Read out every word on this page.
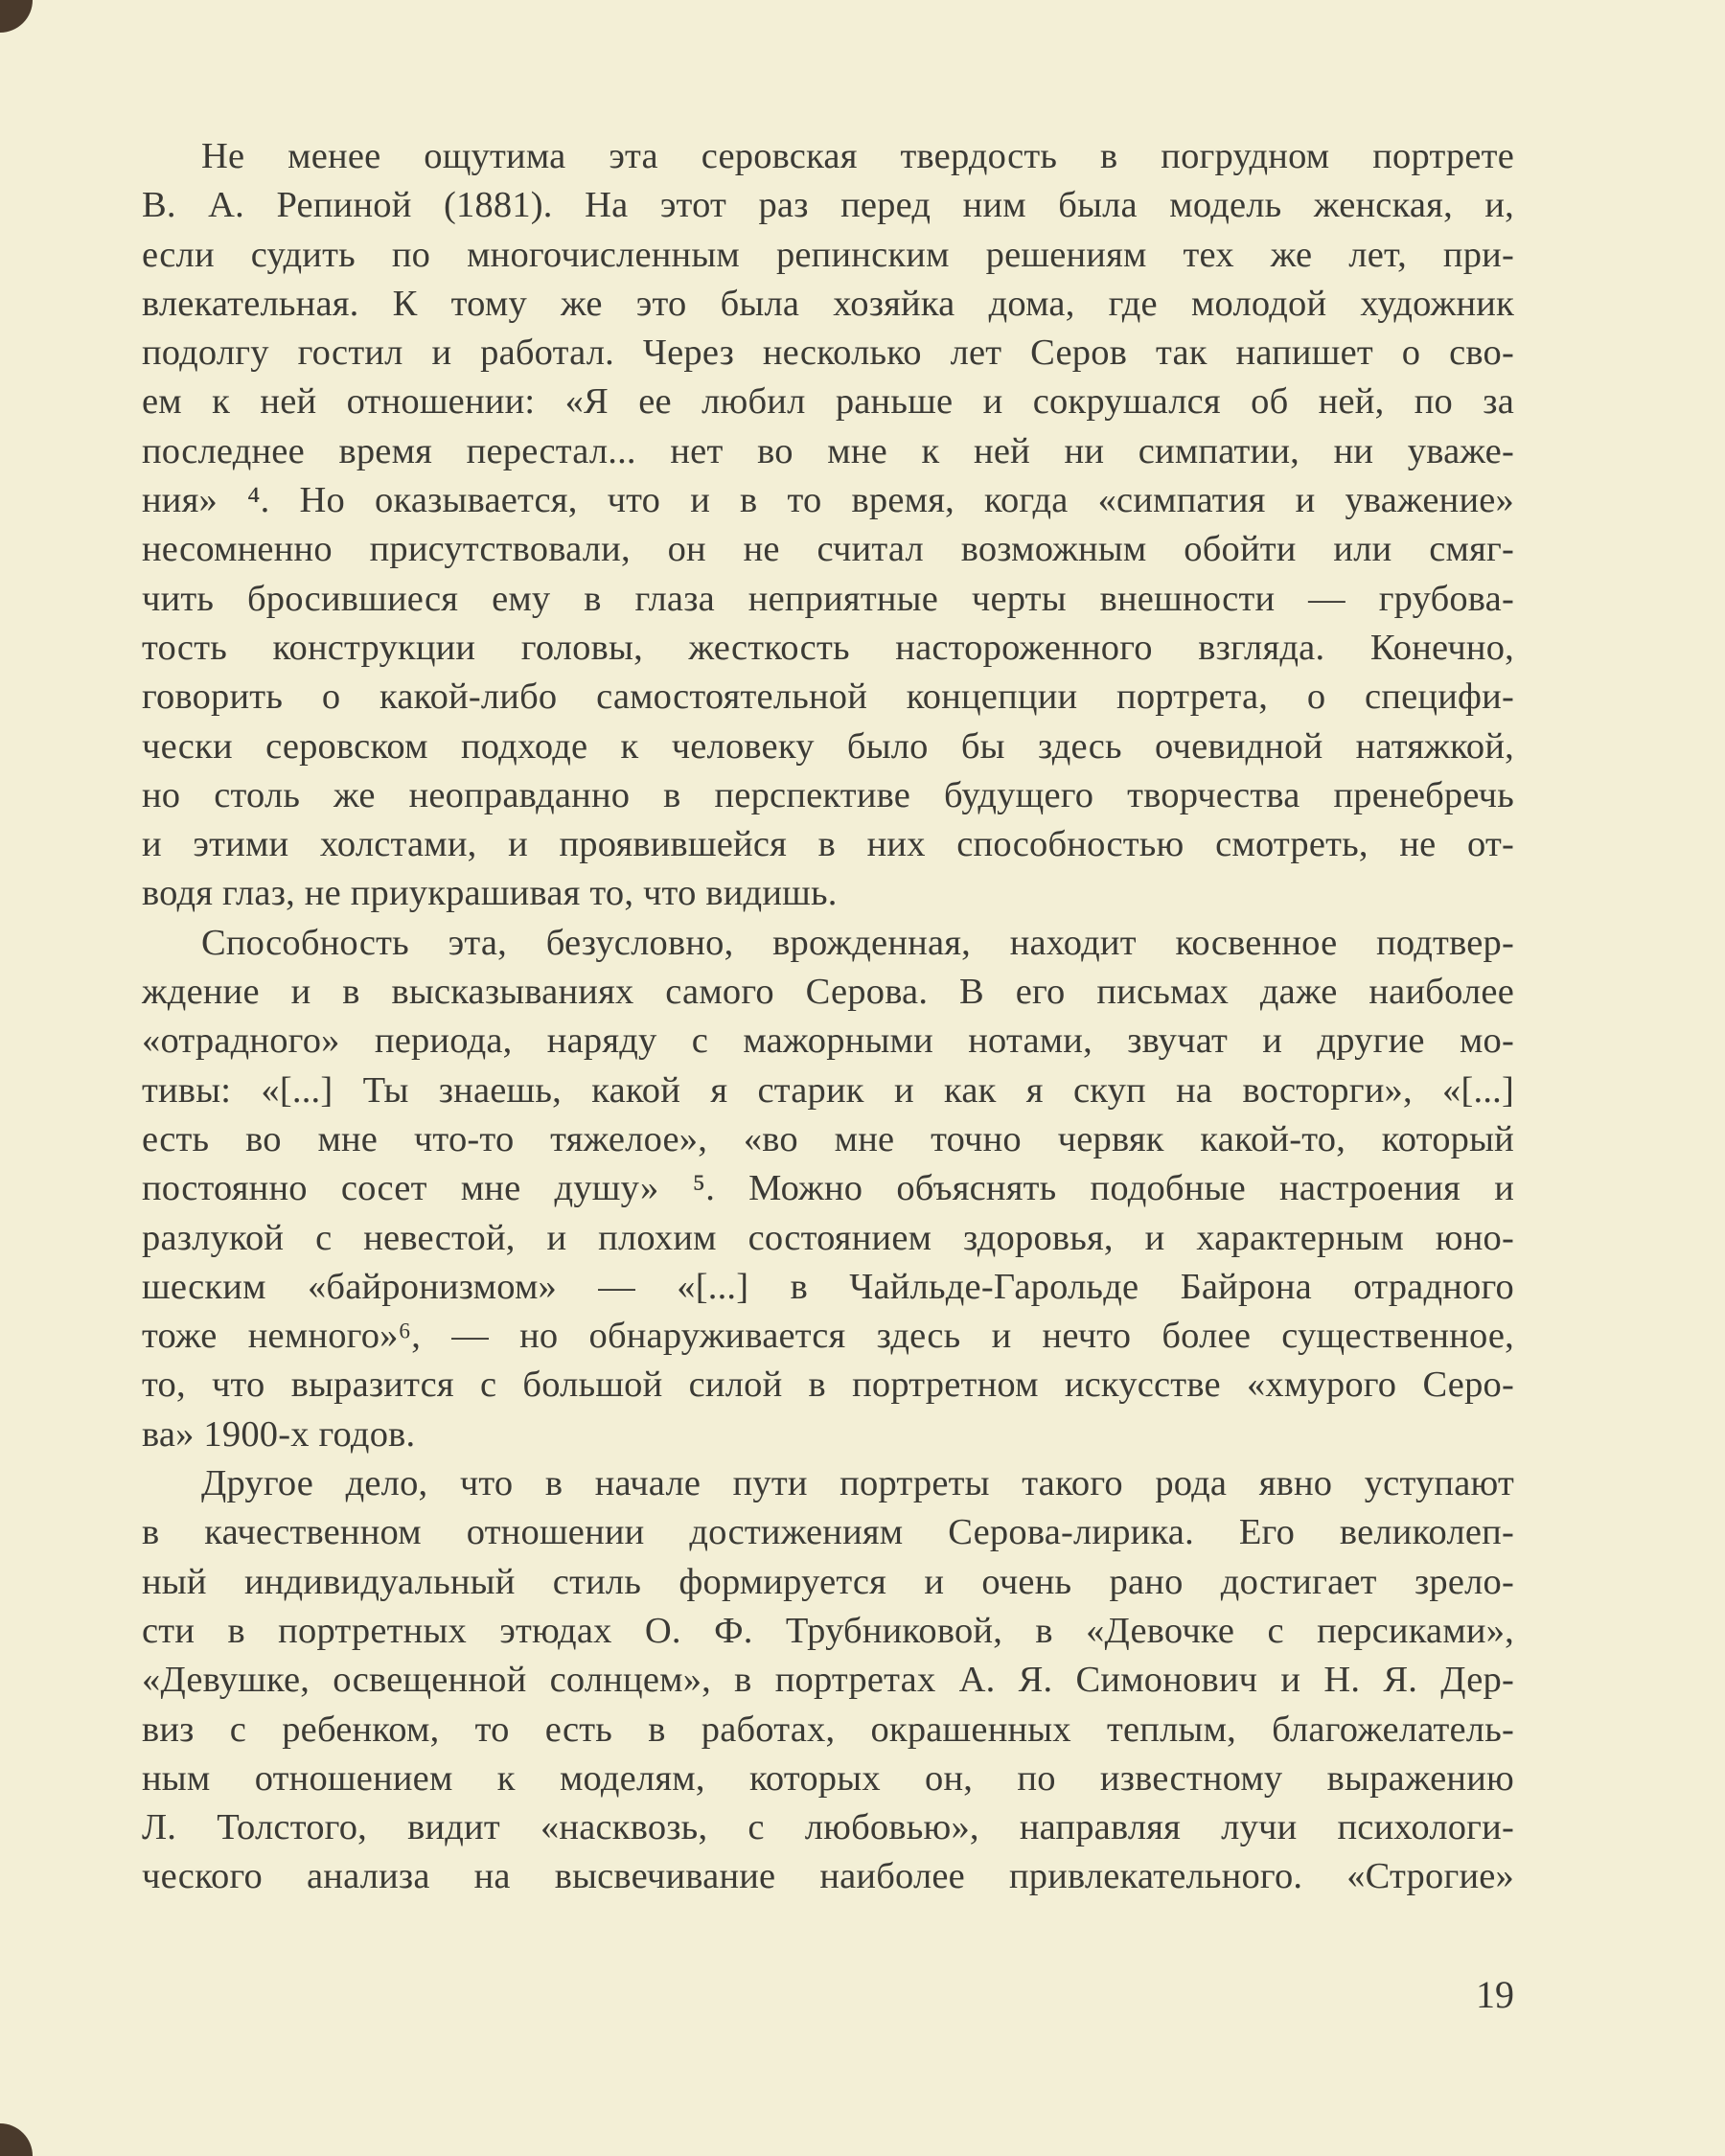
Не менее ощутима эта серовская твердость в погрудном портрете
В. А. Репиной (1881). На этот раз перед ним была модель женская, и,
если судить по многочисленным репинским решениям тех же лет, при-
влекательная. К тому же это была хозяйка дома, где молодой художник
подолгу гостил и работал. Через несколько лет Серов так напишет о сво-
ем к ней отношении: «Я ее любил раньше и сокрушался об ней, по за
последнее время перестал... нет во мне к ней ни симпатии, ни уваже-
ния» ⁴. Но оказывается, что и в то время, когда «симпатия и уважение»
несомненно присутствовали, он не считал возможным обойти или смяг-
чить бросившиеся ему в глаза неприятные черты внешности — грубова-
тость конструкции головы, жесткость настороженного взгляда. Конечно,
говорить о какой-либо самостоятельной концепции портрета, о специфи-
чески серовском подходе к человеку было бы здесь очевидной натяжкой,
но столь же неоправданно в перспективе будущего творчества пренебречь
и этими холстами, и проявившейся в них способностью смотреть, не от-
водя глаз, не приукрашивая то, что видишь.

Способность эта, безусловно, врожденная, находит косвенное подтвер-
ждение и в высказываниях самого Серова. В его письмах даже наиболее
«отрадного» периода, наряду с мажорными нотами, звучат и другие мо-
тивы: «[...] Ты знаешь, какой я старик и как я скуп на восторги», «[...]
есть во мне что-то тяжелое», «во мне точно червяк какой-то, который
постоянно сосет мне душу» ⁵. Можно объяснять подобные настроения и
разлукой с невестой, и плохим состоянием здоровья, и характерным юно-
шеским «байронизмом» — «[...] в Чайльде-Гарольде Байрона отрадного
тоже немного»⁶, — но обнаруживается здесь и нечто более существенное,
то, что выразится с большой силой в портретном искусстве «хмурого Серо-
ва» 1900-х годов.

Другое дело, что в начале пути портреты такого рода явно уступают
в качественном отношении достижениям Серова-лирика. Его великолеп-
ный индивидуальный стиль формируется и очень рано достигает зрело-
сти в портретных этюдах О. Ф. Трубниковой, в «Девочке с персиками»,
«Девушке, освещенной солнцем», в портретах А. Я. Симонович и Н. Я. Дер-
виз с ребенком, то есть в работах, окрашенных теплым, благожелатель-
ным отношением к моделям, которых он, по известному выражению
Л. Толстого, видит «насквозь, с любовью», направляя лучи психологи-
ческого анализа на высвечивание наиболее привлекательного. «Строгие»

19
